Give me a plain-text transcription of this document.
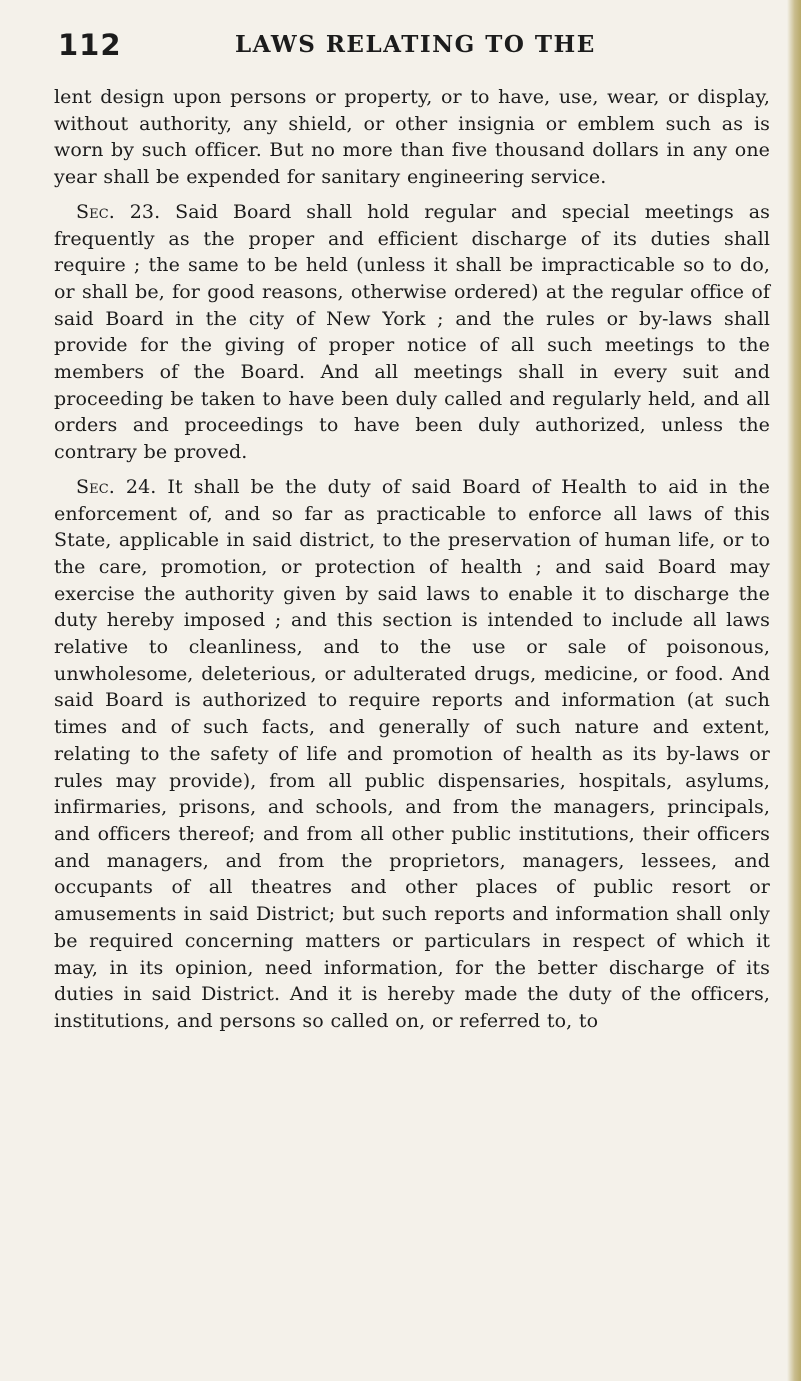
112	LAWS RELATING TO THE

lent design upon persons or property, or to have, use, wear, or display, without authority, any shield, or other insignia or emblem such as is worn by such officer. But no more than five thousand dollars in any one year shall be expended for sanitary engineering service.

Sec. 23. Said Board shall hold regular and special meetings as frequently as the proper and efficient discharge of its duties shall require ; the same to be held (unless it shall be impracticable so to do, or shall be, for good reasons, otherwise ordered) at the regular office of said Board in the city of New York ; and the rules or by-laws shall provide for the giving of proper notice of all such meetings to the members of the Board. And all meetings shall in every suit and proceeding be taken to have been duly called and regularly held, and all orders and proceedings to have been duly authorized, unless the contrary be proved.

Sec. 24. It shall be the duty of said Board of Health to aid in the enforcement of, and so far as practicable to enforce all laws of this State, applicable in said district, to the preservation of human life, or to the care, promotion, or protection of health ; and said Board may exercise the authority given by said laws to enable it to discharge the duty hereby imposed ; and this section is intended to include all laws relative to cleanliness, and to the use or sale of poisonous, unwholesome, deleterious, or adulterated drugs, medicine, or food. And said Board is authorized to require reports and information (at such times and of such facts, and generally of such nature and extent, relating to the safety of life and promotion of health as its by-laws or rules may provide), from all public dispensaries, hospitals, asylums, infirmaries, prisons, and schools, and from the managers, principals, and officers thereof; and from all other public institutions, their officers and managers, and from the proprietors, managers, lessees, and occupants of all theatres and other places of public resort or amusements in said District; but such reports and information shall only be required concerning matters or particulars in respect of which it may, in its opinion, need information, for the better discharge of its duties in said District. And it is hereby made the duty of the officers, institutions, and persons so called on, or referred to, to
